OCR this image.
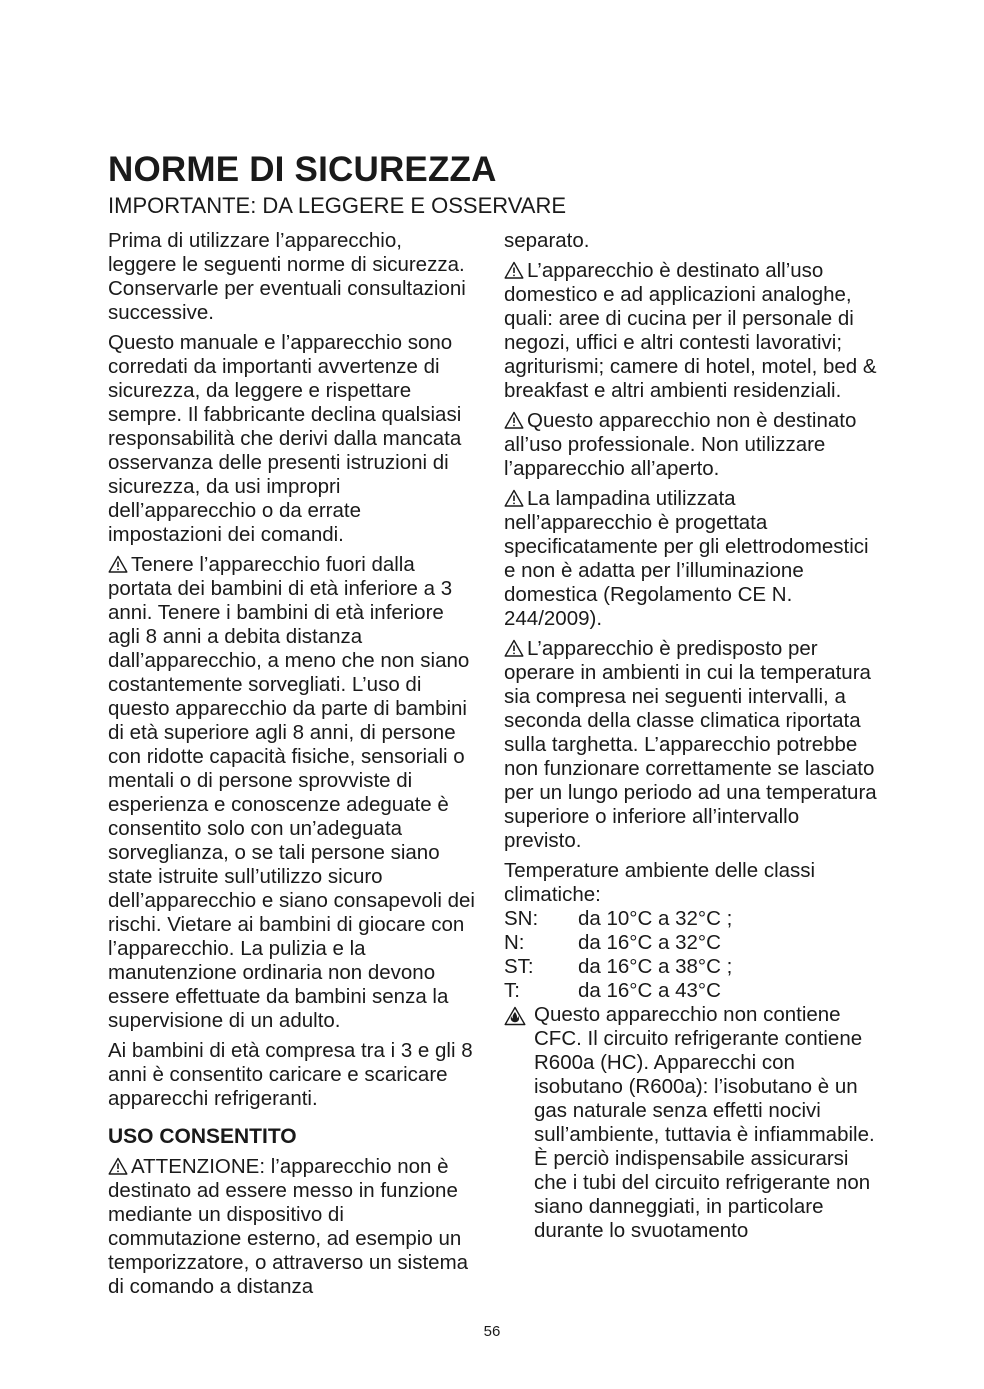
NORME DI SICUREZZA
IMPORTANTE: DA LEGGERE E OSSERVARE

Prima di utilizzare l’apparecchio, leggere le seguenti norme di sicurezza. Conservarle per eventuali consultazioni successive.

Questo manuale e l’apparecchio sono corredati da importanti avvertenze di sicurezza, da leggere e rispettare sempre. Il fabbricante declina qualsiasi responsabilità che derivi dalla mancata osservanza delle presenti istruzioni di sicurezza, da usi impropri dell’apparecchio o da errate impostazioni dei comandi.

Tenere l’apparecchio fuori dalla portata dei bambini di età inferiore a 3 anni. Tenere i bambini di età inferiore agli 8 anni a debita distanza dall’apparecchio, a meno che non siano costantemente sorvegliati. L’uso di questo apparecchio da parte di bambini di età superiore agli 8 anni, di persone con ridotte capacità fisiche, sensoriali o mentali o di persone sprovviste di esperienza e conoscenze adeguate è consentito solo con un’adeguata sorveglianza, o se tali persone siano state istruite sull’utilizzo sicuro dell’apparecchio e siano consapevoli dei rischi. Vietare ai bambini di giocare con l’apparecchio. La pulizia e la manutenzione ordinaria non devono essere effettuate da bambini senza la supervisione di un adulto.

Ai bambini di età compresa tra i 3 e gli 8 anni è consentito caricare e scaricare apparecchi refrigeranti.

USO CONSENTITO

ATTENZIONE: l’apparecchio non è destinato ad essere messo in funzione mediante un dispositivo di commutazione esterno, ad esempio un temporizzatore, o attraverso un sistema di comando a distanza

separato.

L’apparecchio è destinato all’uso domestico e ad applicazioni analoghe, quali: aree di cucina per il personale di negozi, uffici e altri contesti lavorativi; agriturismi; camere di hotel, motel, bed & breakfast e altri ambienti residenziali.

Questo apparecchio non è destinato all’uso professionale. Non utilizzare l’apparecchio all’aperto.

La lampadina utilizzata nell’apparecchio è progettata specificatamente per gli elettrodomestici e non è adatta per l’illuminazione domestica (Regolamento CE N. 244/2009).

L’apparecchio è predisposto per operare in ambienti in cui la temperatura sia compresa nei seguenti intervalli, a seconda della classe climatica riportata sulla targhetta. L’apparecchio potrebbe non funzionare correttamente se lasciato per un lungo periodo ad una temperatura superiore o inferiore all’intervallo previsto.

Temperature ambiente delle classi climatiche:
SN:	da 10°C a 32°C ;
N:	da 16°C a 32°C
ST:	da 16°C a 38°C ;
T:	da 16°C a 43°C

Questo apparecchio non contiene CFC. Il circuito refrigerante contiene R600a (HC). Apparecchi con isobutano (R600a): l’isobutano è un gas naturale senza effetti nocivi sull’ambiente, tuttavia è infiammabile.

È perciò indispensabile assicurarsi che i tubi del circuito refrigerante non siano danneggiati, in particolare durante lo svuotamento

56
